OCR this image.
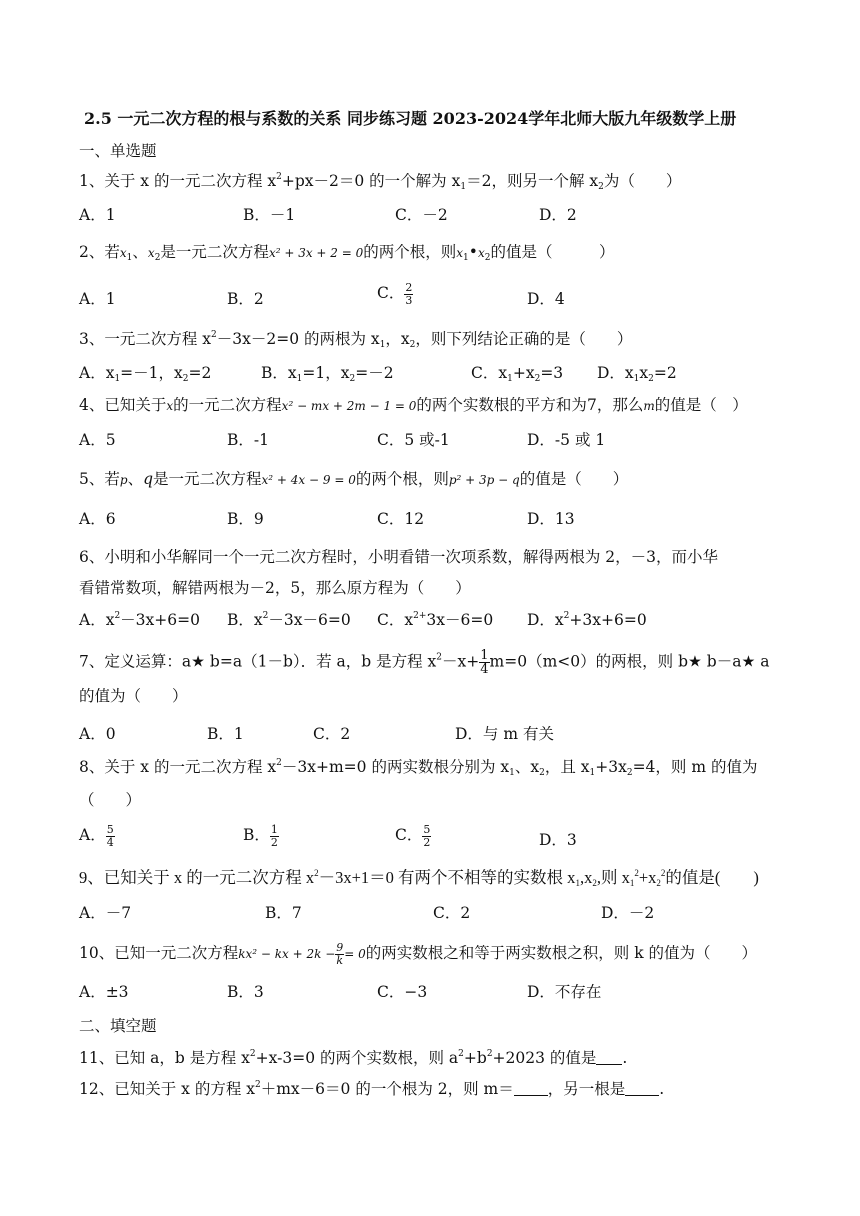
2.5 一元二次方程的根与系数的关系 同步练习题 2023-2024学年北师大版九年级数学上册
一、单选题
1、关于 x 的一元二次方程 $x^2+px-2=0$ 的一个解为 $x_1=2$，则另一个解 $x_2$为（　　）
A．1	B．－1	C．－2	D．2
2、若$x_1$、$x_2$是一元二次方程x² + 3x + 2 = 0的两个根，则$x_1•x_2$的值是（　　　）
A．1	B．2	C． $\frac{2}{3}$	D．4
3、一元二次方程 $x^2-3x-2=0$ 的两根为 $x_1$，$x_2$，则下列结论正确的是（　　）
A．$x_1=-1$，$x_2=2$	B．$x_1=1$，$x_2=-2$	C．$x_1+x_2=3$ D．$x_1x_2=2$
4、已知关于x的一元二次方程x² − mx + 2m − 1 = 0的两个实数根的平方和为7，那么m的值是（　）
A．5	B．-1	C．5 或-1	D．-5 或 1
5、若p、q是一元二次方程x² + 4x − 9 = 0的两个根，则p² + 3p − q的值是（　　）
A．6	B．9	C．12	D．13
6、小明和小华解同一个一元二次方程时，小明看错一次项系数，解得两根为 2，－3，而小华
看错常数项，解错两根为－2，5，那么原方程为（　　）
A．$x^2-3x+6=0$ B．$x^2-3x-6=0$ C．$x^{2+}3x-6=0$ D．$x^2+3x+6=0$
7、定义运算：a★ b=a（1－b）．若 a，b 是方程 $x^2-x+ \frac{1}{4} m=0(m<0)$的两根，则 b★ b－a★ a
的值为（　　）
A．0	B．1	C．2	D．与 m 有关
8、关于 x 的一元二次方程 $x^2-3x+m=0$ 的两实数根分别为 $x_1$、$x_2$，且 $x_1+3x_2=4$，则 m 的值为
（　　）
A． $\frac{5}{4}$	B． $\frac{1}{2}$	C． $\frac{5}{2}$	D．3
9、已知关于 x 的一元二次方程 $x^2-3x+1=0$ 有两个不相等的实数根 $x_1,x_2$,则 $x_1^2+x_2^2$的值是(　　)
A．－7	B．7	C．2	D．－2
10、已知一元二次方程kx² − kx + $2k - \frac{9}{k} = 0$的两实数根之和等于两实数根之积，则 k 的值为（　　）
A．±3	B．3	C．−3	D．不存在
二、填空题
11、已知 a，b 是方程 $x^2+x-3=0$ 的两个实数根，则 $a^2+b^2+2023$ 的值是 .
12、已知关于 x 的方程 $x^2+mx-6=0$ 的一个根为 2，则 m＝ ，另一根是 .
